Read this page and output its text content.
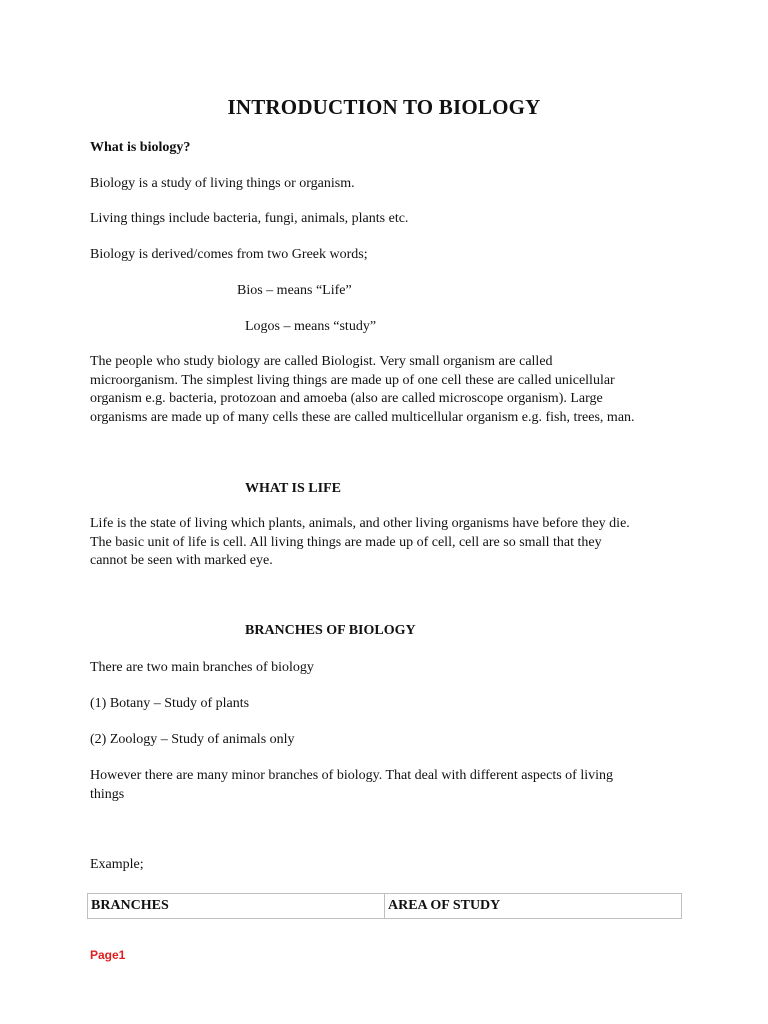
INTRODUCTION TO BIOLOGY
What is biology?
Biology is a study of living things or organism.
Living things include bacteria, fungi, animals, plants etc.
Biology is derived/comes from two Greek words;
Bios – means “Life”
Logos – means “study”
The people who study biology are called Biologist. Very small organism are called
microorganism. The simplest living things are made up of one cell these are called unicellular
organism e.g. bacteria, protozoan and amoeba (also are called microscope organism). Large
organisms are made up of many cells these are called multicellular organism e.g. fish, trees, man.
WHAT IS LIFE
Life is the state of living which plants, animals, and other living organisms have before they die.
The basic unit of life is cell. All living things are made up of cell, cell are so small that they
cannot be seen with marked eye.
BRANCHES OF BIOLOGY
There are two main branches of biology
(1) Botany – Study of plants
(2) Zoology – Study of animals only
However there are many minor branches of biology. That deal with different aspects of living
things
Example;
BRANCHES	AREA OF STUDY
Page1
